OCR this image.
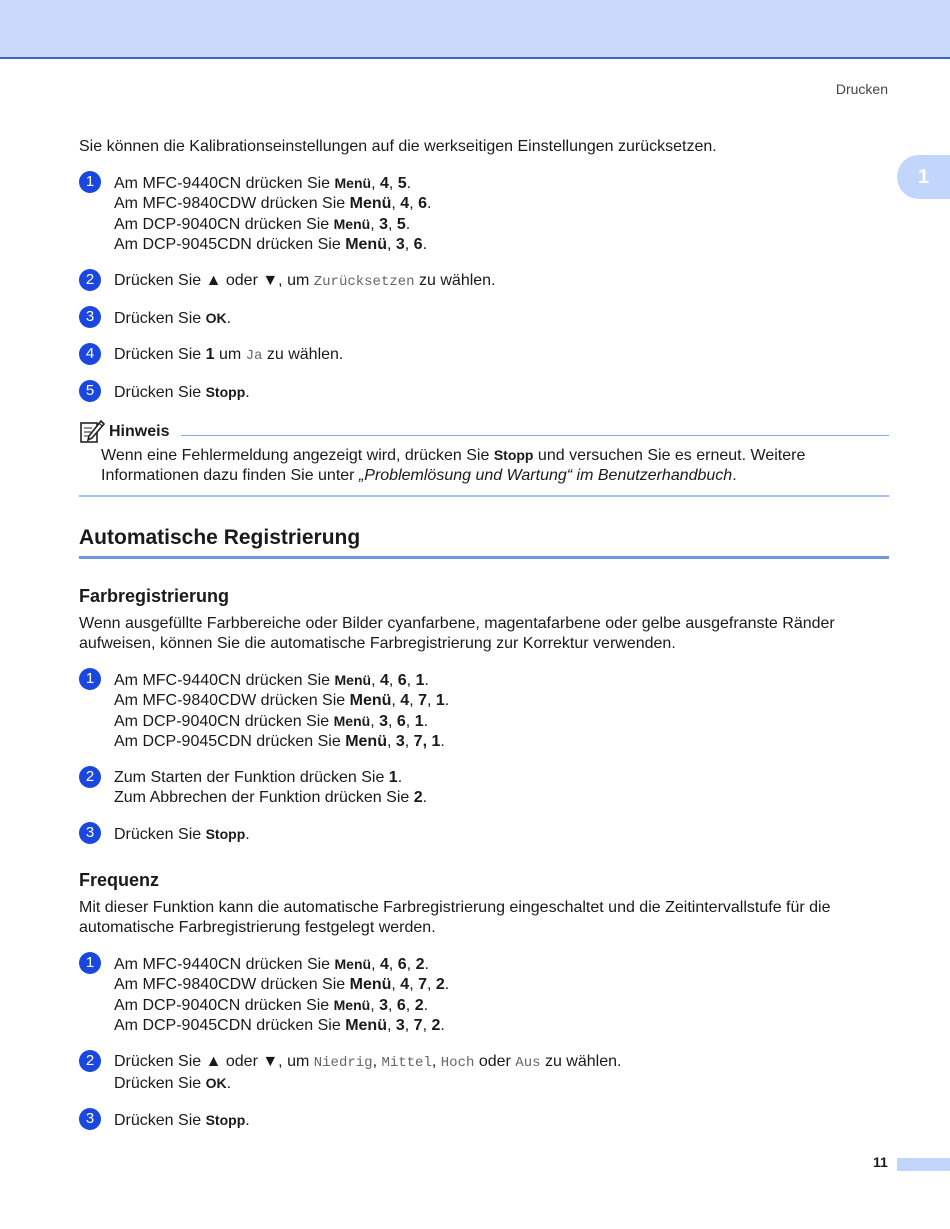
Drucken
1

Sie können die Kalibrationseinstellungen auf die werkseitigen Einstellungen zurücksetzen.

1	Am MFC-9440CN drücken Sie Menü, 4, 5.

Am MFC-9840CDW drücken Sie Menü, 4, 6.

Am DCP-9040CN drücken Sie Menü, 3, 5.

Am DCP-9045CDN drücken Sie Menü, 3, 6.

2	Drücken Sie ▲ oder ▼, um Zurücksetzen zu wählen.

3	Drücken Sie OK.

4	Drücken Sie 1 um Ja zu wählen.

5	Drücken Sie Stopp.

Hinweis

Wenn eine Fehlermeldung angezeigt wird, drücken Sie Stopp und versuchen Sie es erneut. Weitere Informationen dazu finden Sie unter „Problemlösung und Wartung“ im Benutzerhandbuch.

Automatische Registrierung
Farbregistrierung

Wenn ausgefüllte Farbbereiche oder Bilder cyanfarbene, magentafarbene oder gelbe ausgefranste Ränder aufweisen, können Sie die automatische Farbregistrierung zur Korrektur verwenden.

1	Am MFC-9440CN drücken Sie Menü, 4, 6, 1.

Am MFC-9840CDW drücken Sie Menü, 4, 7, 1.

Am DCP-9040CN drücken Sie Menü, 3, 6, 1.

Am DCP-9045CDN drücken Sie Menü, 3, 7, 1.

2	Zum Starten der Funktion drücken Sie 1.

Zum Abbrechen der Funktion drücken Sie 2.

3	Drücken Sie Stopp.

Frequenz

Mit dieser Funktion kann die automatische Farbregistrierung eingeschaltet und die Zeitintervallstufe für die automatische Farbregistrierung festgelegt werden.

1	Am MFC-9440CN drücken Sie Menü, 4, 6, 2.

Am MFC-9840CDW drücken Sie Menü, 4, 7, 2.

Am DCP-9040CN drücken Sie Menü, 3, 6, 2.

Am DCP-9045CDN drücken Sie Menü, 3, 7, 2.

2	Drücken Sie ▲ oder ▼, um Niedrig, Mittel, Hoch oder Aus zu wählen.

Drücken Sie OK.

3	Drücken Sie Stopp.

11
